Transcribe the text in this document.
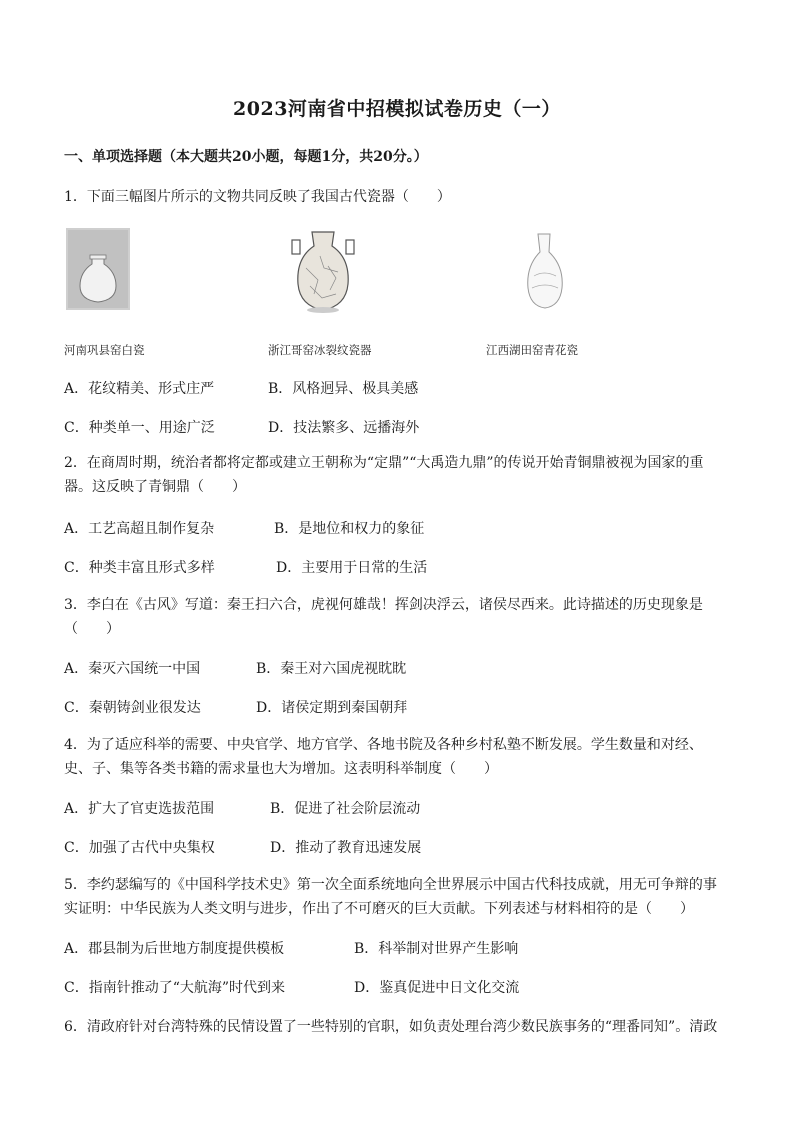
2023河南省中招模拟试卷历史（一）
一、单项选择题（本大题共20小题，每题1分，共20分。）
1．下面三幅图片所示的文物共同反映了我国古代瓷器（　　）
河南巩县窑白瓷	浙江哥窑冰裂纹瓷器	江西湖田窑青花瓷
A．花纹精美、形式庄严	B．风格迥异、极具美感
C．种类单一、用途广泛	D．技法繁多、远播海外
2．在商周时期，统治者都将定都或建立王朝称为“定鼎”“大禹造九鼎”的传说开始青铜鼎被视为国家的重器。这反映了青铜鼎（　　）
A．工艺高超且制作复杂	B．是地位和权力的象征
C．种类丰富且形式多样	D．主要用于日常的生活
3．李白在《古风》写道：秦王扫六合，虎视何雄哉！挥剑决浮云，诸侯尽西来。此诗描述的历史现象是（　　）
A．秦灭六国统一中国	B．秦王对六国虎视眈眈
C．秦朝铸剑业很发达	D．诸侯定期到秦国朝拜
4．为了适应科举的需要、中央官学、地方官学、各地书院及各种乡村私塾不断发展。学生数量和对经、史、子、集等各类书籍的需求量也大为增加。这表明科举制度（　　）
A．扩大了官吏选拔范围	B．促进了社会阶层流动
C．加强了古代中央集权	D．推动了教育迅速发展
5．李约瑟编写的《中国科学技术史》第一次全面系统地向全世界展示中国古代科技成就，用无可争辩的事实证明：中华民族为人类文明与进步，作出了不可磨灭的巨大贡献。下列表述与材料相符的是（　　）
A．郡县制为后世地方制度提供模板	B．科举制对世界产生影响
C．指南针推动了“大航海”时代到来	D．鉴真促进中日文化交流
6．清政府针对台湾特殊的民情设置了一些特别的官职，如负责处理台湾少数民族事务的“理番同知”。清政
